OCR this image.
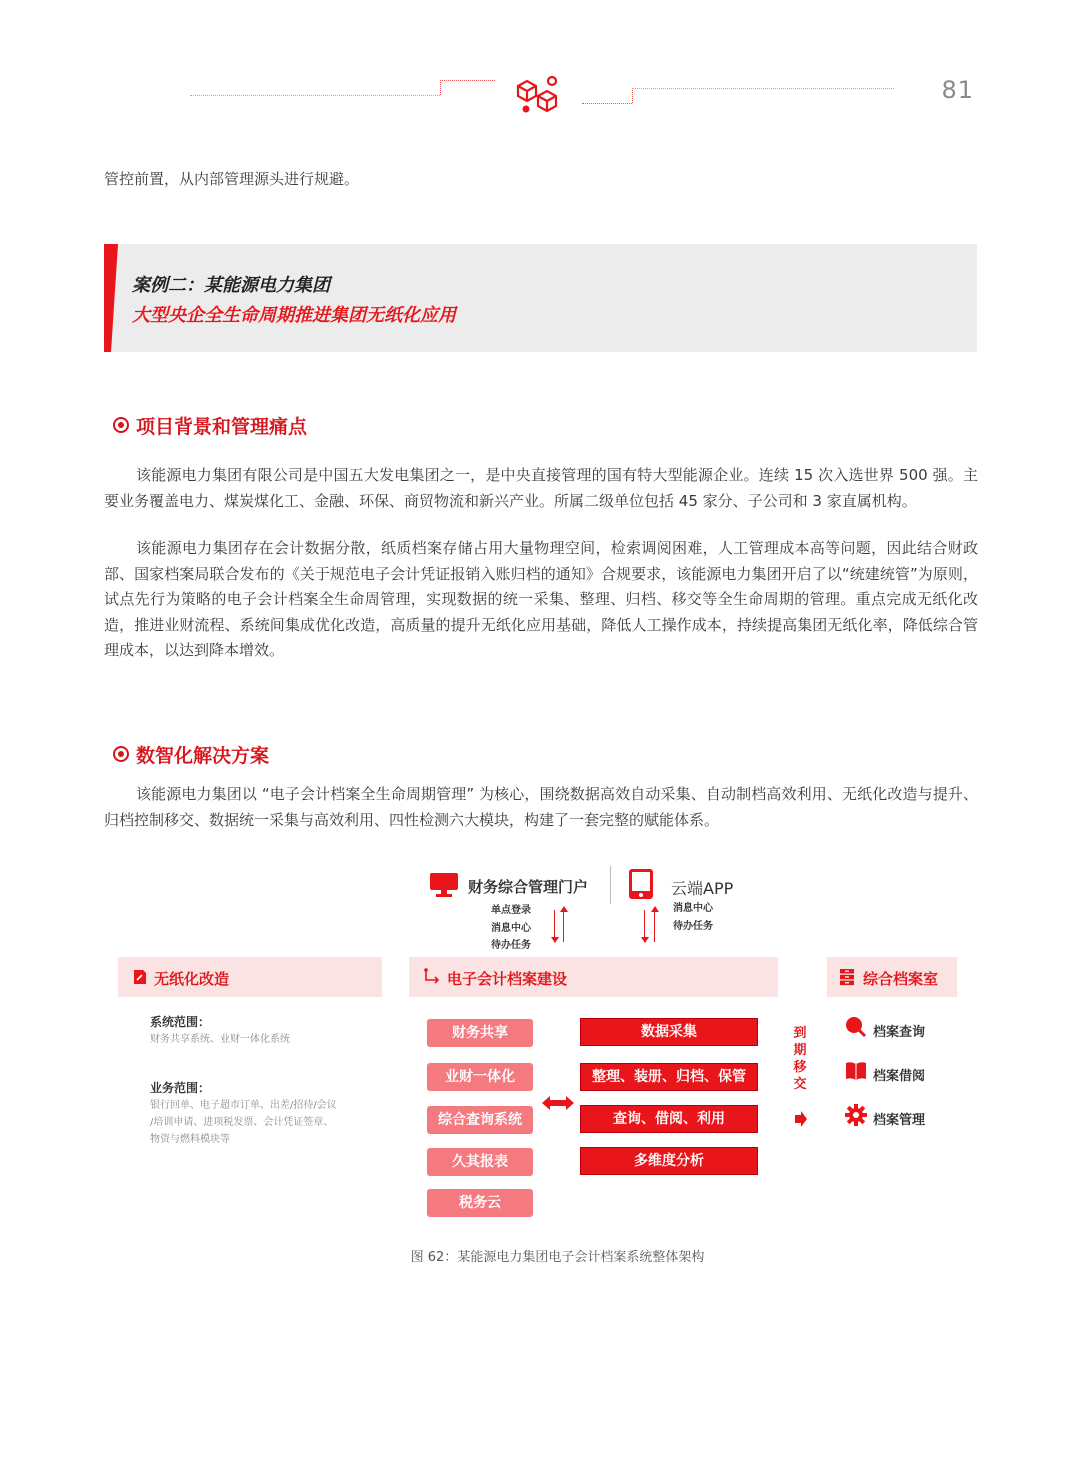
81
管控前置，从内部管理源头进行规避。
案例二：某能源电力集团
大型央企全生命周期推进集团无纸化应用
项目背景和管理痛点

该能源电力集团有限公司是中国五大发电集团之一，是中央直接管理的国有特大型能源企业。连续 15 次入选世界 500 强。主要业务覆盖电力、煤炭煤化工、金融、环保、商贸物流和新兴产业。所属二级单位包括 45 家分、子公司和 3 家直属机构。

该能源电力集团存在会计数据分散，纸质档案存储占用大量物理空间，检索调阅困难，人工管理成本高等问题，因此结合财政部、国家档案局联合发布的《关于规范电子会计凭证报销入账归档的通知》合规要求，该能源电力集团开启了以“统建统管”为原则，试点先行为策略的电子会计档案全生命周管理，实现数据的统一采集、整理、归档、移交等全生命周期的管理。重点完成无纸化改造，推进业财流程、系统间集成优化改造，高质量的提升无纸化应用基础，降低人工操作成本，持续提高集团无纸化率，降低综合管理成本，以达到降本增效。

数智化解决方案

该能源电力集团以 “电子会计档案全生命周期管理” 为核心，围绕数据高效自动采集、自动制档高效利用、无纸化改造与提升、归档控制移交、数据统一采集与高效利用、四性检测六大模块，构建了一套完整的赋能体系。

财务综合管理门户
单点登录
消息中心
待办任务
云端APP
消息中心
待办任务
无纸化改造
系统范围：
财务共享系统、业财一体化系统
业务范围：
银行回单、电子超市订单、出差/招待/会议
/培训申请、进项税发票、会计凭证签章、
物资与燃料模块等
电子会计档案建设
财务共享
业财一体化
综合查询系统
久其报表
税务云
数据采集
整理、装册、归档、保管
查询、借阅、利用
多维度分析
到
期
移
交
综合档案室
档案查询
档案借阅
档案管理
图 62：某能源电力集团电子会计档案系统整体架构
